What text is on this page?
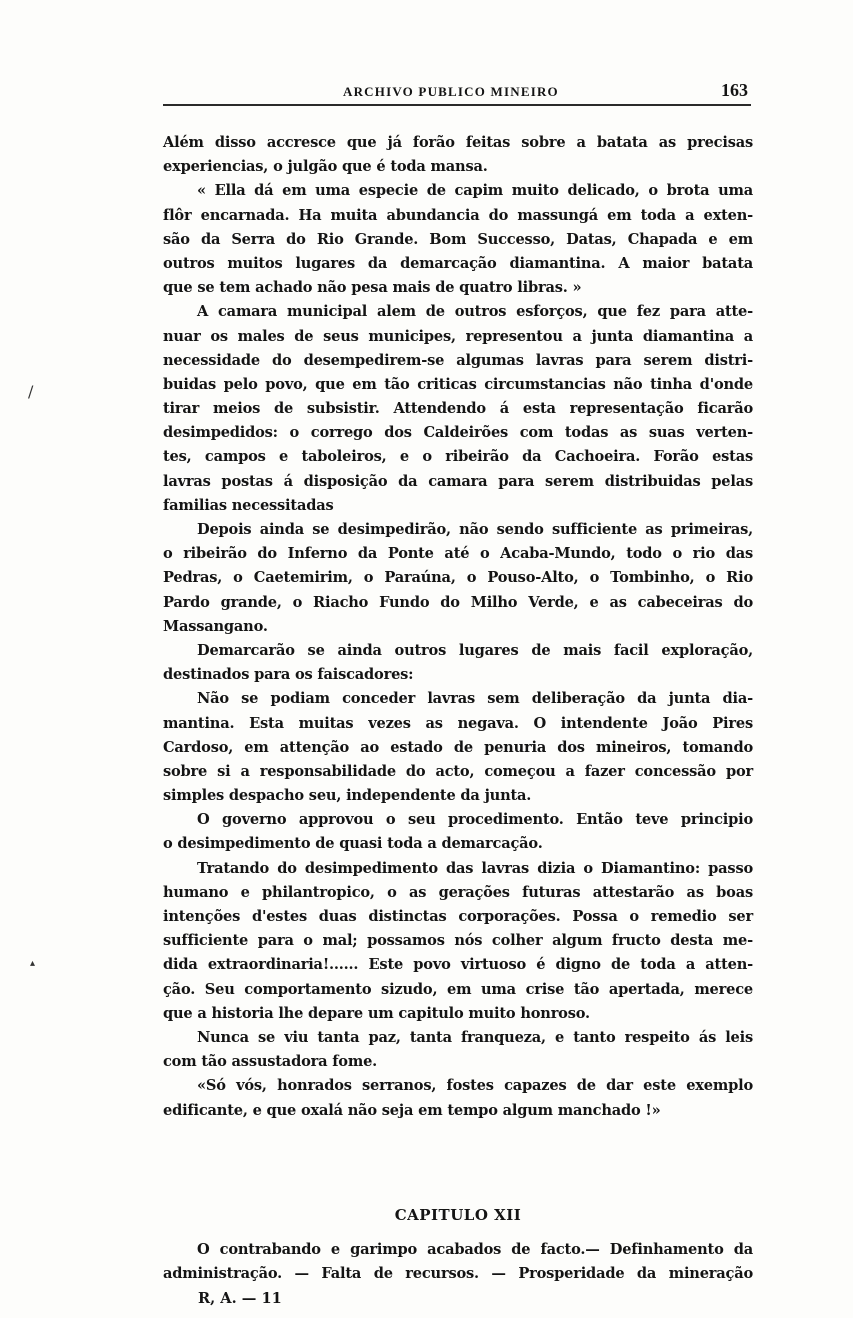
ARCHIVO PUBLICO MINEIRO	163
Além disso accresce que já forão feitas sobre a batata as precisas
experiencias, o julgão que é toda mansa.
« Ella dá em uma especie de capim muito delicado, o brota uma
flôr encarnada. Ha muita abundancia do massungá em toda a exten-
são da Serra do Rio Grande. Bom Successo, Datas, Chapada e em
outros muitos lugares da demarcação diamantina. A maior batata
que se tem achado não pesa mais de quatro libras. »
A camara municipal alem de outros esforços, que fez para atte-
nuar os males de seus municipes, representou a junta diamantina a
necessidade do desempedirem-se algumas lavras para serem distri-
buidas pelo povo, que em tão criticas circumstancias não tinha d'onde
tirar meios de subsistir. Attendendo á esta representação ficarão
desimpedidos: o corrego dos Caldeirões com todas as suas verten-
tes, campos e taboleiros, e o ribeirão da Cachoeira. Forão estas
lavras postas á disposição da camara para serem distribuidas pelas
familias necessitadas
Depois ainda se desimpedirão, não sendo sufficiente as primeiras,
o ribeirão do Inferno da Ponte até o Acaba-Mundo, todo o rio das
Pedras, o Caetemirim, o Paraúna, o Pouso-Alto, o Tombinho, o Rio
Pardo grande, o Riacho Fundo do Milho Verde, e as cabeceiras do
Massangano.
Demarcarão se ainda outros lugares de mais facil exploração,
destinados para os faiscadores:
Não se podiam conceder lavras sem deliberação da junta dia-
mantina. Esta muitas vezes as negava. O intendente João Pires
Cardoso, em attenção ao estado de penuria dos mineiros, tomando
sobre si a responsabilidade do acto, começou a fazer concessão por
simples despacho seu, independente da junta.
O governo approvou o seu procedimento. Então teve principio
o desimpedimento de quasi toda a demarcação.
Tratando do desimpedimento das lavras dizia o Diamantino: passo
humano e philantropico, o as gerações futuras attestarão as boas
intenções d'estes duas distinctas corporações. Possa o remedio ser
sufficiente para o mal; possamos nós colher algum fructo desta me-
dida extraordinaria!...... Este povo virtuoso é digno de toda a atten-
ção. Seu comportamento sizudo, em uma crise tão apertada, merece
que a historia lhe depare um capitulo muito honroso.
Nunca se viu tanta paz, tanta franqueza, e tanto respeito ás leis
com tão assustadora fome.
«Só vós, honrados serranos, fostes capazes de dar este exemplo
edificante, e que oxalá não seja em tempo algum manchado !»
CAPITULO XII
O contrabando e garimpo acabados de facto.— Definhamento da
administração. — Falta de recursos. — Prosperidade da mineração
R, A. — 11
/
▴
